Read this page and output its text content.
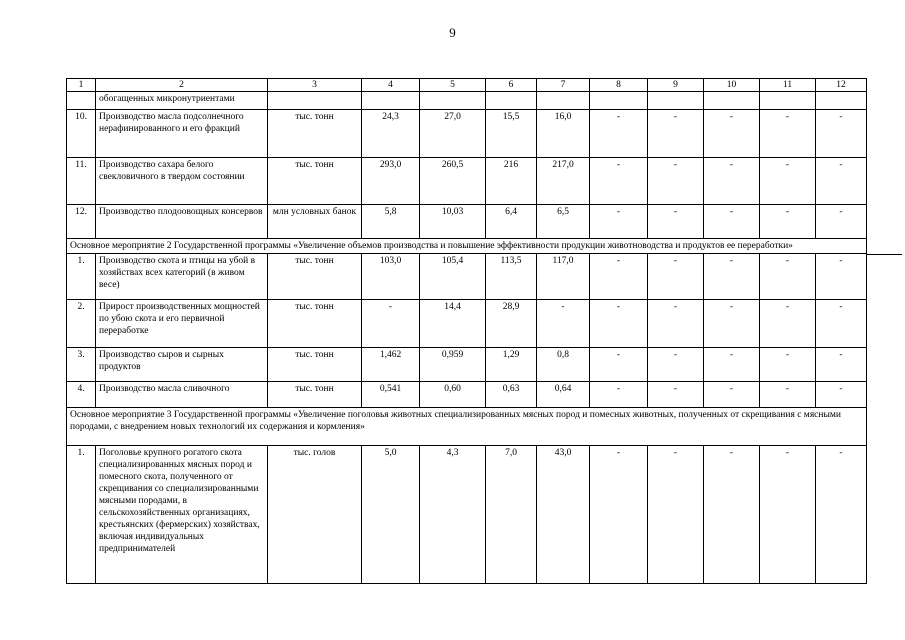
9
1	2	3	4	5	6	7	8	9	10	11	12
	обогащенных микронутриентами										
10.	Производство масла подсолнечного нерафинированного и его фракций	тыс. тонн	24,3	27,0	15,5	16,0	-	-	-	-	-
11.	Производство сахара белого свекловичного в твердом состоянии	тыс. тонн	293,0	260,5	216	217,0	-	-	-	-	-
12.	Производство плодоовощных консервов	млн условных банок	5,8	10,03	6,4	6,5	-	-	-	-	-
Основное мероприятие 2 Государственной программы «Увеличение объемов производства и повышение эффективности продукции животноводства и продуктов ее переработки»											
1.	Производство скота и птицы на убой в хозяйствах всех категорий (в живом весе)	тыс. тонн	103,0	105,4	113,5	117,0	-	-	-	-	-
2.	Прирост производственных мощностей по убою скота и его первичной переработке	тыс. тонн	-	14,4	28,9	-	-	-	-	-	-
3.	Производство сыров и сырных продуктов	тыс. тонн	1,462	0,959	1,29	0,8	-	-	-	-	-
4.	Производство масла сливочного	тыс. тонн	0,541	0,60	0,63	0,64	-	-	-	-	-
Основное мероприятие 3 Государственной программы «Увеличение поголовья животных специализированных мясных пород и помесных животных, полученных от скрещивания с мясными породами, с внедрением новых технологий их содержания и кормления»											
1.	Поголовье крупного рогатого скота специализированных мясных пород и помесного скота, полученного от скрещивания со специализированными мясными породами, в сельскохозяйственных организациях, крестьянских (фермерских) хозяйствах, включая индивидуальных предпринимателей	тыс. голов	5,0	4,3	7,0	43,0	-	-	-	-	-
